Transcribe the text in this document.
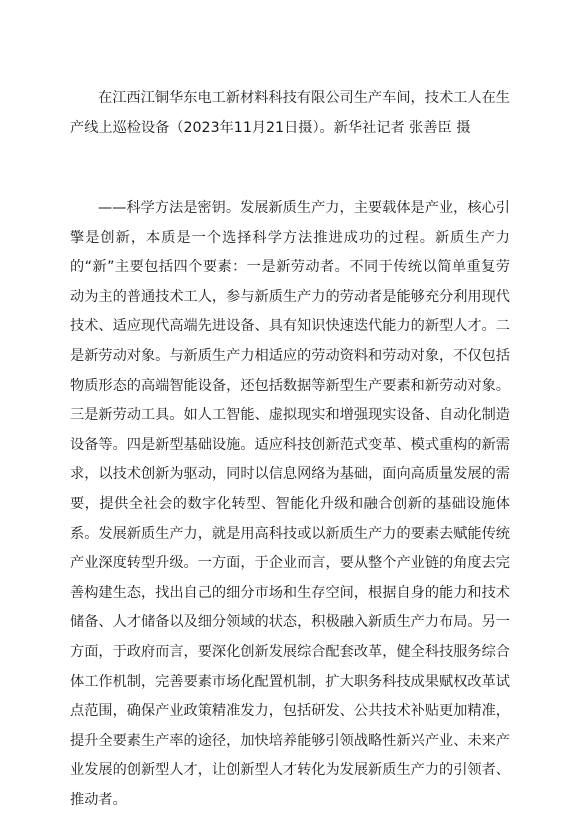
在江西江铜华东电工新材料科技有限公司生产车间，技术工人在生产线上巡检设备（2023年11月21日摄）。新华社记者 张善臣 摄

——科学方法是密钥。发展新质生产力，主要载体是产业，核心引擎是创新，本质是一个选择科学方法推进成功的过程。新质生产力的“新”主要包括四个要素：一是新劳动者。不同于传统以简单重复劳动为主的普通技术工人，参与新质生产力的劳动者是能够充分利用现代技术、适应现代高端先进设备、具有知识快速迭代能力的新型人才。二是新劳动对象。与新质生产力相适应的劳动资料和劳动对象，不仅包括物质形态的高端智能设备，还包括数据等新型生产要素和新劳动对象。三是新劳动工具。如人工智能、虚拟现实和增强现实设备、自动化制造设备等。四是新型基础设施。适应科技创新范式变革、模式重构的新需求，以技术创新为驱动，同时以信息网络为基础，面向高质量发展的需要，提供全社会的数字化转型、智能化升级和融合创新的基础设施体系。发展新质生产力，就是用高科技或以新质生产力的要素去赋能传统产业深度转型升级。一方面，于企业而言，要从整个产业链的角度去完善构建生态，找出自己的细分市场和生存空间，根据自身的能力和技术储备、人才储备以及细分领域的状态，积极融入新质生产力布局。另一方面，于政府而言，要深化创新发展综合配套改革，健全科技服务综合体工作机制，完善要素市场化配置机制，扩大职务科技成果赋权改革试点范围，确保产业政策精准发力，包括研发、公共技术补贴更加精准，提升全要素生产率的途径，加快培养能够引领战略性新兴产业、未来产业发展的创新型人才，让创新型人才转化为发展新质生产力的引领者、推动者。
